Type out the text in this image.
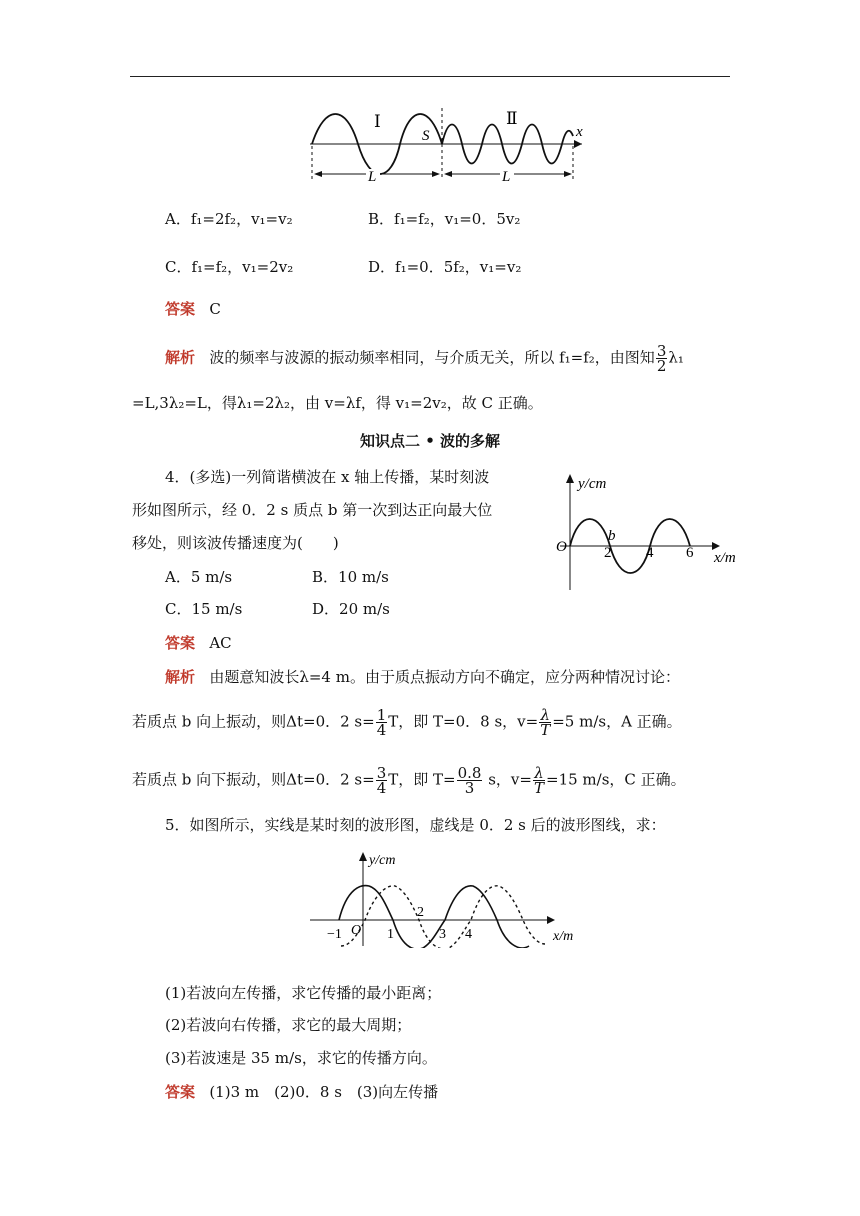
Ⅰ	Ⅱ
S	x
L	L
A．f₁=2f₂，v₁=v₂	B．f₁=f₂，v₁=0．5v₂
C．f₁=f₂，v₁=2v₂	D．f₁=0．5f₂，v₁=v₂
答案 C
解析 波的频率与波源的振动频率相同，与介质无关，所以 f₁=f₂，由图知 $\frac{3}{2} \lambda_1$
=L,3λ₂=L，得λ₁=2λ₂，由 v=λf，得 v₁=2v₂，故 C 正确。
知识点二 • 波的多解
4．(多选)一列简谐横波在 x 轴上传播，某时刻波
形如图所示，经 0．2 s 质点 b 第一次到达正向最大位
移处，则该波传播速度为(　　)
A．5 m/s	B．10 m/s
C．15 m/s	D．20 m/s
y/cm
x/m
O 2 4 6
b
答案 AC
解析 由题意知波长λ=4 m。由于质点振动方向不确定，应分两种情况讨论：
若质点 b 向上振动，则Δt=0．2 $s= \frac{1}{4}$ T，即 T=0．8 s，$v= \frac{\lambda}{T} =5$ m/s，A 正确。
若质点 b 向下振动，则Δt=0．2 $s= \frac{3}{4}$ T，即 $T= \frac{0.8}{3}$ s，$v= \frac{\lambda}{T} =15$ m/s，C 正确。
5．如图所示，实线是某时刻的波形图，虚线是 0．2 s 后的波形图线，求：
y/cm
x/m
O
−1	1
2
3 4
(1)若波向左传播，求它传播的最小距离；
(2)若波向右传播，求它的最大周期；
(3)若波速是 35 m/s，求它的传播方向。
答案 (1)3 m　(2)0．8 s　(3)向左传播
